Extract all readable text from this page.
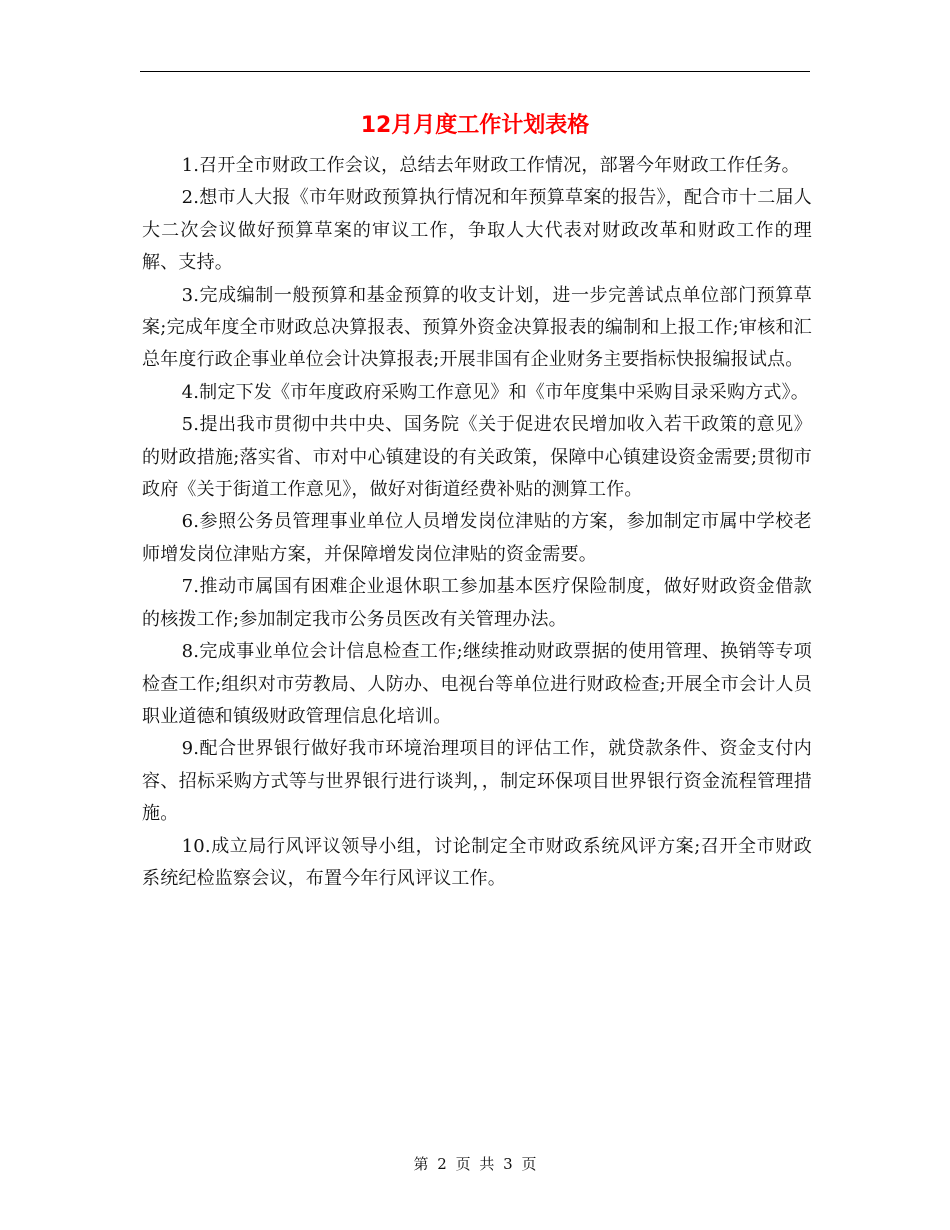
12月月度工作计划表格

1.召开全市财政工作会议，总结去年财政工作情况，部署今年财政工作任务。

2.想市人大报《市年财政预算执行情况和年预算草案的报告》，配合市十二届人大二次会议做好预算草案的审议工作，争取人大代表对财政改革和财政工作的理解、支持。

3.完成编制一般预算和基金预算的收支计划，进一步完善试点单位部门预算草案;完成年度全市财政总决算报表、预算外资金决算报表的编制和上报工作;审核和汇总年度行政企事业单位会计决算报表;开展非国有企业财务主要指标快报编报试点。

4.制定下发《市年度政府采购工作意见》和《市年度集中采购目录采购方式》。

5.提出我市贯彻中共中央、国务院《关于促进农民增加收入若干政策的意见》的财政措施;落实省、市对中心镇建设的有关政策，保障中心镇建设资金需要;贯彻市政府《关于街道工作意见》，做好对街道经费补贴的测算工作。

6.参照公务员管理事业单位人员增发岗位津贴的方案，参加制定市属中学校老师增发岗位津贴方案，并保障增发岗位津贴的资金需要。

7.推动市属国有困难企业退休职工参加基本医疗保险制度，做好财政资金借款的核拨工作;参加制定我市公务员医改有关管理办法。

8.完成事业单位会计信息检查工作;继续推动财政票据的使用管理、换销等专项检查工作;组织对市劳教局、人防办、电视台等单位进行财政检查;开展全市会计人员职业道德和镇级财政管理信息化培训。

9.配合世界银行做好我市环境治理项目的评估工作，就贷款条件、资金支付内容、招标采购方式等与世界银行进行谈判，，制定环保项目世界银行资金流程管理措施。

10.成立局行风评议领导小组，讨论制定全市财政系统风评方案;召开全市财政系统纪检监察会议，布置今年行风评议工作。

第 2 页 共 3 页
